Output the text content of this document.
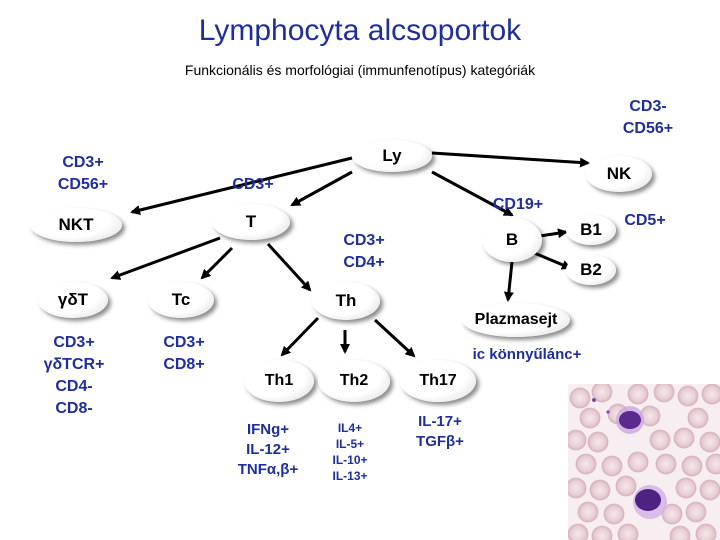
Lymphocyta alcsoportok
Funkcionális és morfológiai (immunfenotípus) kategóriák
Ly
NK
NKT	T
B
B1
B2
γδT	Tc	Th
Plazmasejt
Th1	Th2	Th17
CD3-
CD56+
CD3+
CD56+	CD3+
CD19+
CD5+
CD3+
CD4+
CD3+
γδTCR+
CD4-
CD8-
CD3+
CD8+
ic könnyűlánc+
IFNg+
IL-12+
TNFα,β+
IL4+
IL-5+
IL-10+
IL-13+
IL-17+
TGFβ+
